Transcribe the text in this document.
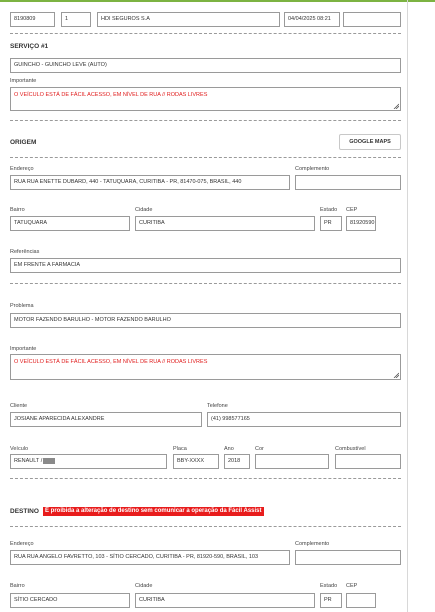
8190809	1	HDI SEGUROS S.A	04/04/2025 08:21
SERVIÇO #1
GUINCHO - GUINCHO LEVE (AUTO)
Importante
O VEÍCULO ESTÁ DE FÁCIL ACESSO, EM NÍVEL DE RUA // RODAS LIVRES
ORIGEM	GOOGLE MAPS
Endereço	Complemento
RUA RUA ENETTE DUBARD, 440 - TATUQUARA, CURITIBA - PR, 81470-075, BRASIL, 440
Bairro	Cidade	Estado CEP
TATUQUARA	CURITIBA	PR	81920590
Referências
EM FRENTE A FARMACIA
Problema
MOTOR FAZENDO BARULHO - MOTOR FAZENDO BARULHO
Importante
O VEÍCULO ESTÁ DE FÁCIL ACESSO, EM NÍVEL DE RUA // RODAS LIVRES
Cliente	Telefone
JOSIANE APARECIDA ALEXANDRE	(41) 998577165
Veículo	Placa	Ano	Cor	Combustível
RENAULT /	BBY-XXXX	2018
DESTINO	É proibida a alteração de destino sem comunicar a operação da Fácil Assist
Endereço	Complemento
RUA RUA ANGELO FAVRETTO, 103 - SÍTIO CERCADO, CURITIBA - PR, 81920-590, BRASIL, 103
Bairro	Cidade	Estado CEP
SÍTIO CERCADO	CURITIBA	PR
